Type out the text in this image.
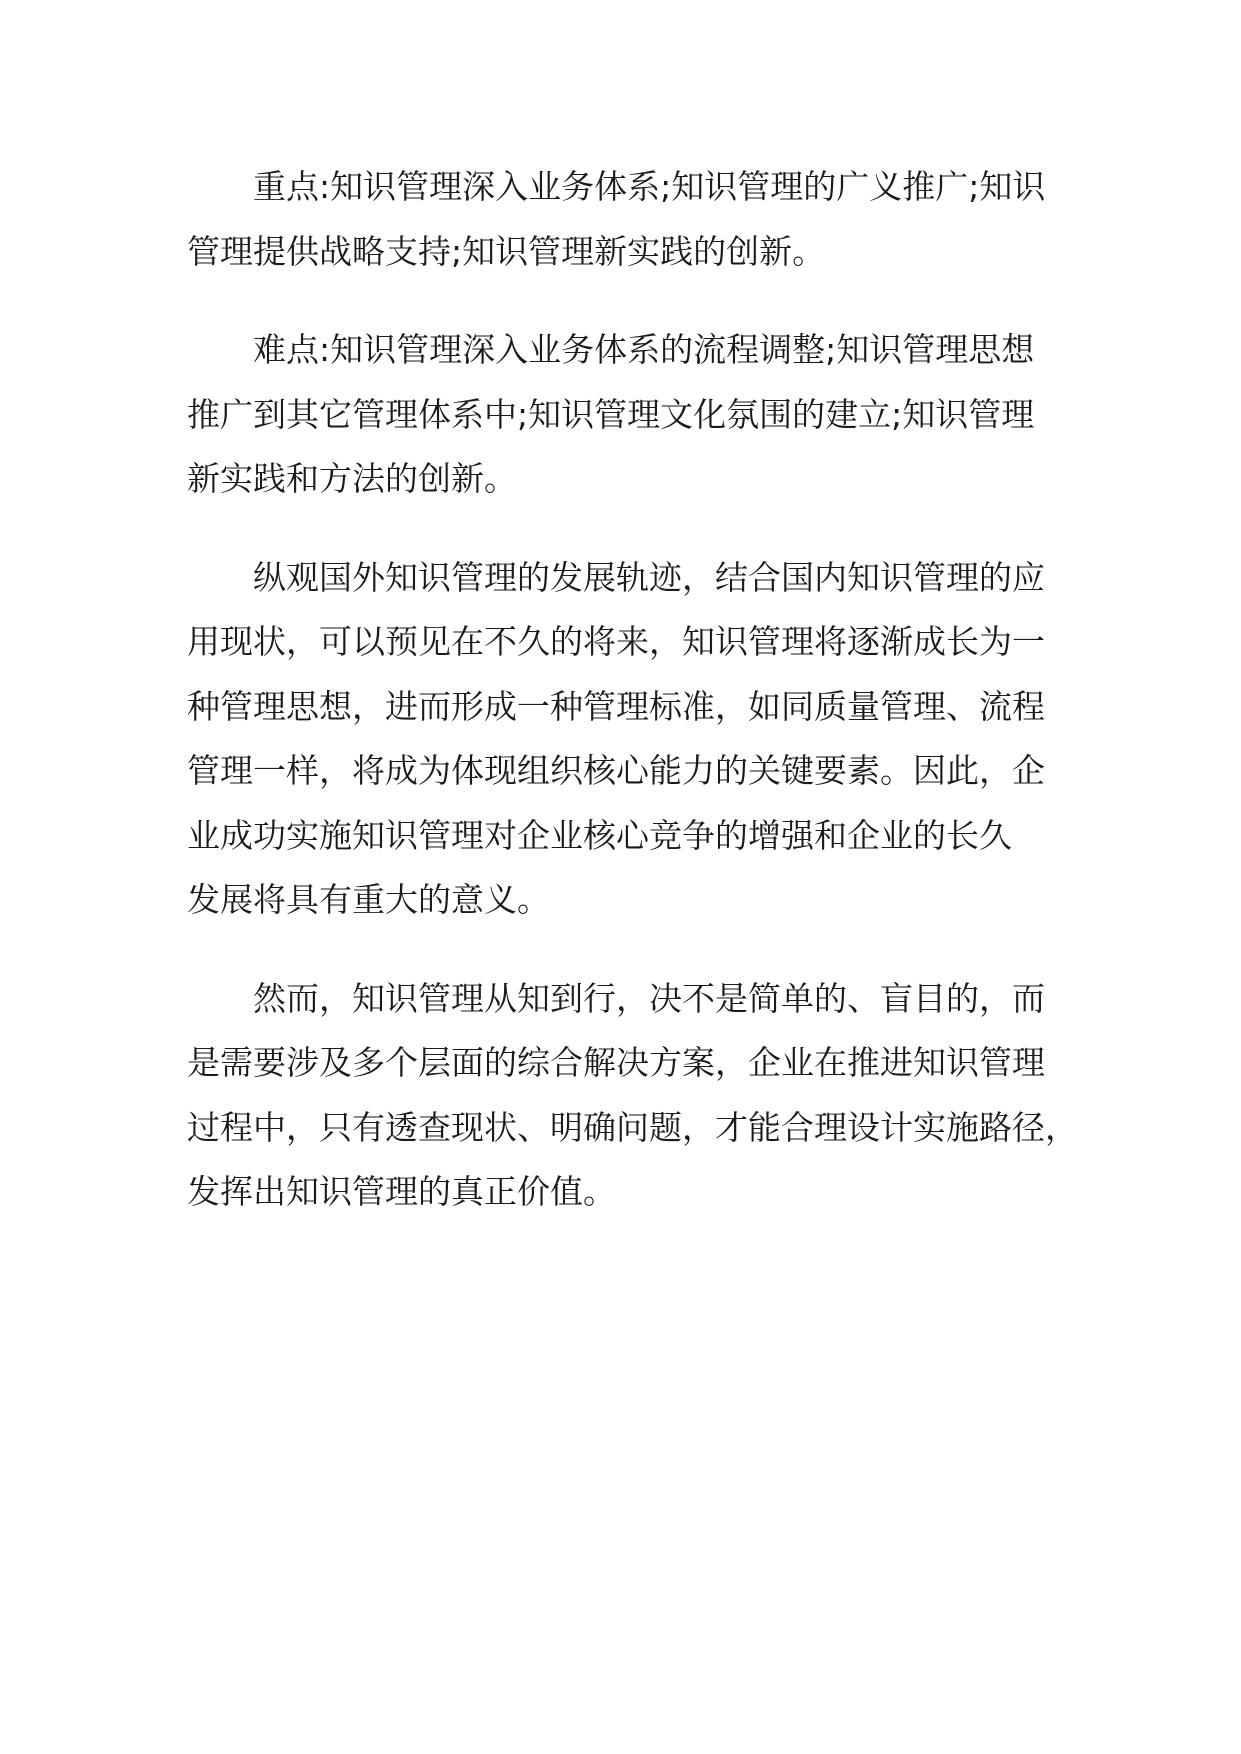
重点:知识管理深入业务体系;知识管理的广义推广;知识
管理提供战略支持;知识管理新实践的创新。

难点:知识管理深入业务体系的流程调整;知识管理思想
推广到其它管理体系中;知识管理文化氛围的建立;知识管理
新实践和方法的创新。

纵观国外知识管理的发展轨迹，结合国内知识管理的应
用现状，可以预见在不久的将来，知识管理将逐渐成长为一
种管理思想，进而形成一种管理标准，如同质量管理、流程
管理一样，将成为体现组织核心能力的关键要素。因此，企
业成功实施知识管理对企业核心竞争的增强和企业的长久
发展将具有重大的意义。

然而，知识管理从知到行，决不是简单的、盲目的，而
是需要涉及多个层面的综合解决方案，企业在推进知识管理
过程中，只有透查现状、明确问题，才能合理设计实施路径，
发挥出知识管理的真正价值。
